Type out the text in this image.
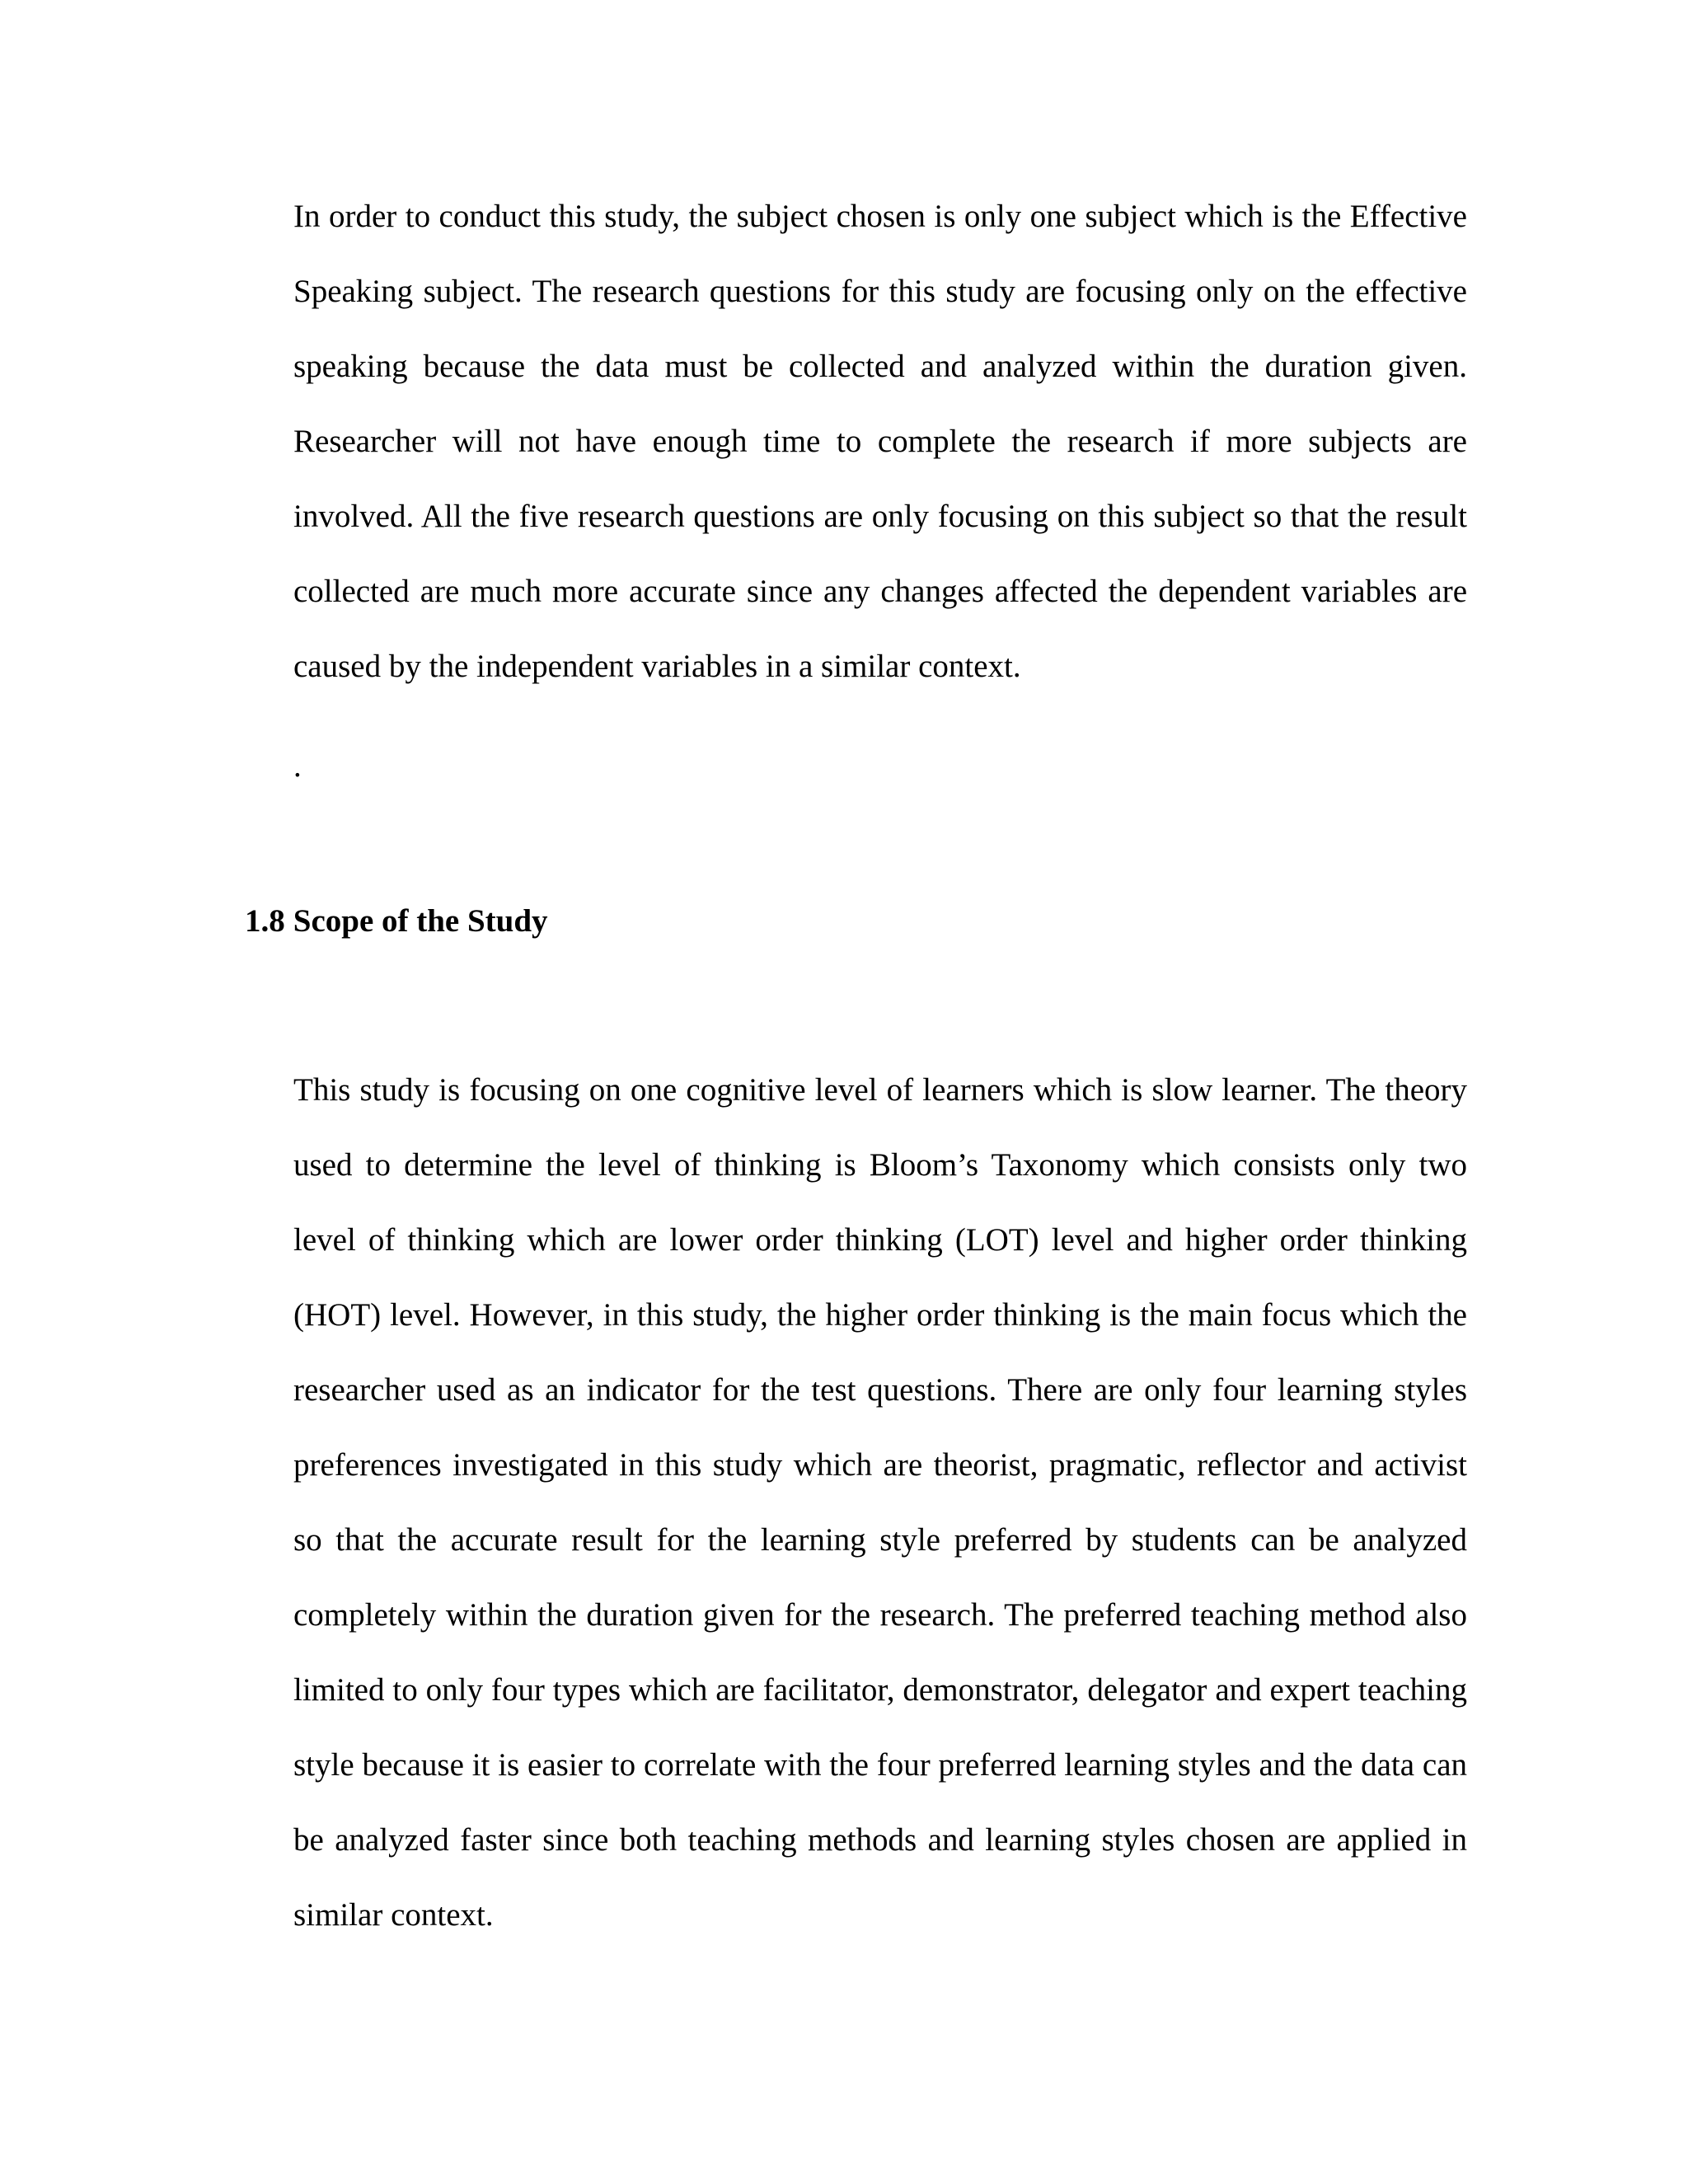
In order to conduct this study, the subject chosen is only one subject which is the Effective Speaking subject. The research questions for this study are focusing only on the effective speaking because the data must be collected and analyzed within the duration given. Researcher will not have enough time to complete the research if more subjects are involved. All the five research questions are only focusing on this subject so that the result collected are much more accurate since any changes affected the dependent variables are caused by the independent variables in a similar context.

.

1.8 Scope of the Study

This study is focusing on one cognitive level of learners which is slow learner. The theory used to determine the level of thinking is Bloom’s Taxonomy which consists only two level of thinking which are lower order thinking (LOT) level and higher order thinking (HOT) level. However, in this study, the higher order thinking is the main focus which the researcher used as an indicator for the test questions. There are only four learning styles preferences investigated in this study which are theorist, pragmatic, reflector and activist so that the accurate result for the learning style preferred by students can be analyzed completely within the duration given for the research. The preferred teaching method also limited to only four types which are facilitator, demonstrator, delegator and expert teaching style because it is easier to correlate with the four preferred learning styles and the data can be analyzed faster since both teaching methods and learning styles chosen are applied in similar context.
